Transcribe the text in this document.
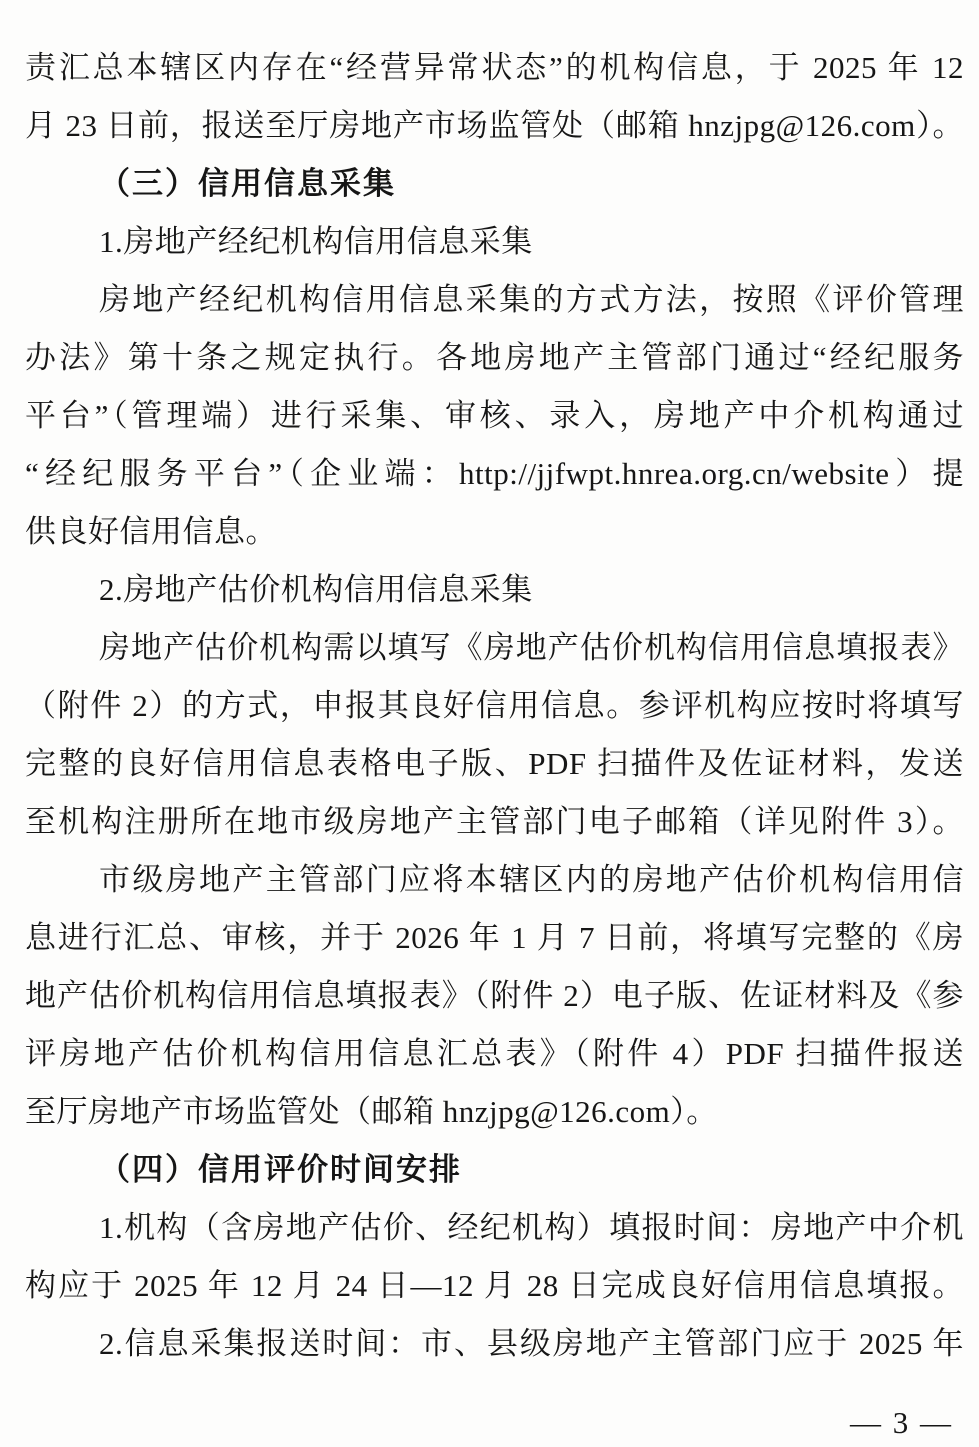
责汇总本辖区内存在“经营异常状态”的机构信息，于 2025 年 12
月 23 日前，报送至厅房地产市场监管处（邮箱 hnzjpg@126.com）。
（三）信用信息采集
1.房地产经纪机构信用信息采集
房地产经纪机构信用信息采集的方式方法，按照《评价管理
办法》第十条之规定执行。各地房地产主管部门通过“经纪服务
平台”（管理端）进行采集、审核、录入，房地产中介机构通过
“经纪服务平台”（企业端：http://jjfwpt.hnrea.org.cn/website）提
供良好信用信息。
2.房地产估价机构信用信息采集
房地产估价机构需以填写《房地产估价机构信用信息填报表》
（附件 2）的方式，申报其良好信用信息。参评机构应按时将填写
完整的良好信用信息表格电子版、PDF 扫描件及佐证材料，发送
至机构注册所在地市级房地产主管部门电子邮箱（详见附件 3）。
市级房地产主管部门应将本辖区内的房地产估价机构信用信
息进行汇总、审核，并于 2026 年 1 月 7 日前，将填写完整的《房
地产估价机构信用信息填报表》（附件 2）电子版、佐证材料及《参
评房地产估价机构信用信息汇总表》（附件 4）PDF 扫描件报送
至厅房地产市场监管处（邮箱 hnzjpg@126.com）。
（四）信用评价时间安排
1.机构（含房地产估价、经纪机构）填报时间：房地产中介机
构应于 2025 年 12 月 24 日—12 月 28 日完成良好信用信息填报。
2.信息采集报送时间：市、县级房地产主管部门应于 2025 年
— 3 —
